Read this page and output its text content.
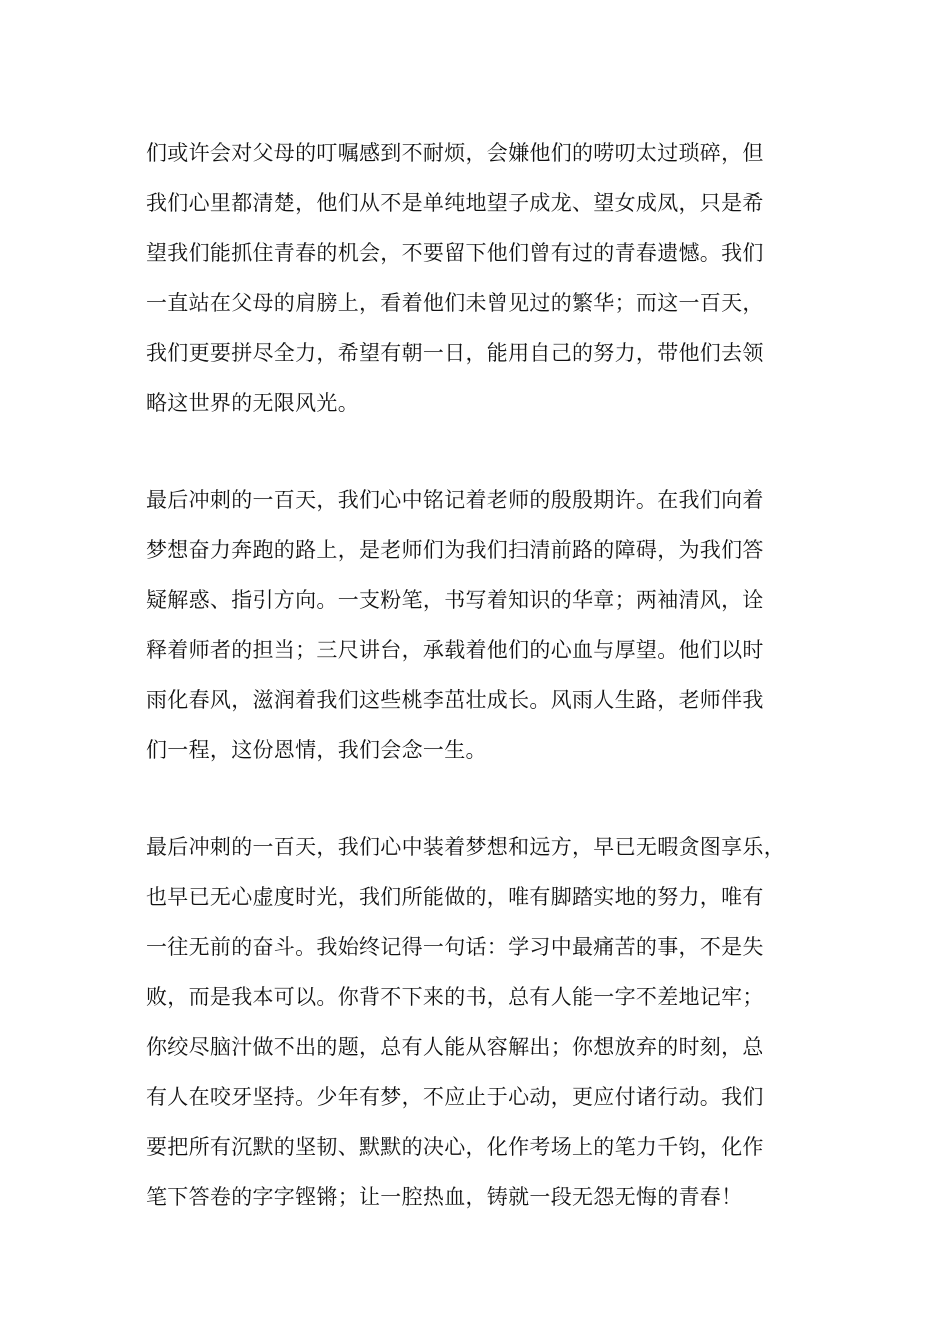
们或许会对父母的叮嘱感到不耐烦，会嫌他们的唠叨太过琐碎，但
我们心里都清楚，他们从不是单纯地望子成龙、望女成凤，只是希
望我们能抓住青春的机会，不要留下他们曾有过的青春遗憾。我们
一直站在父母的肩膀上，看着他们未曾见过的繁华；而这一百天，
我们更要拼尽全力，希望有朝一日，能用自己的努力，带他们去领
略这世界的无限风光。
最后冲刺的一百天，我们心中铭记着老师的殷殷期许。在我们向着
梦想奋力奔跑的路上，是老师们为我们扫清前路的障碍，为我们答
疑解惑、指引方向。一支粉笔，书写着知识的华章；两袖清风，诠
释着师者的担当；三尺讲台，承载着他们的心血与厚望。他们以时
雨化春风，滋润着我们这些桃李茁壮成长。风雨人生路，老师伴我
们一程，这份恩情，我们会念一生。
最后冲刺的一百天，我们心中装着梦想和远方，早已无暇贪图享乐，
也早已无心虚度时光，我们所能做的，唯有脚踏实地的努力，唯有
一往无前的奋斗。我始终记得一句话：学习中最痛苦的事，不是失
败，而是我本可以。你背不下来的书，总有人能一字不差地记牢；
你绞尽脑汁做不出的题，总有人能从容解出；你想放弃的时刻，总
有人在咬牙坚持。少年有梦，不应止于心动，更应付诸行动。我们
要把所有沉默的坚韧、默默的决心，化作考场上的笔力千钧，化作
笔下答卷的字字铿锵；让一腔热血，铸就一段无怨无悔的青春！
